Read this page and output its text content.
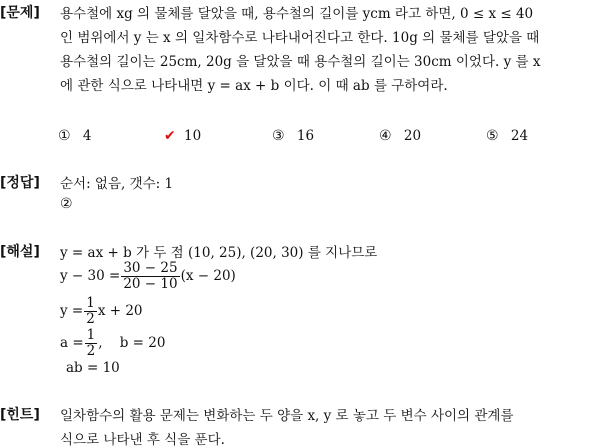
[문제] 용수철에 xg 의 물체를 달았을 때, 용수철의 길이를 ycm 라고 하면, 0 ≤ x ≤ 40
인 범위에서 y 는 x 의 일차함수로 나타내어진다고 한다. 10g 의 물체를 달았을 때
용수철의 길이는 25cm, 20g 을 달았을 때 용수철의 길이는 30cm 이었다. y 를 x
에 관한 식으로 나타내면 y = ax + b 이다. 이 때 ab 를 구하여라.
① 4	✔ 10	③ 16	④ 20	⑤ 24
[정답] 순서: 없음, 갯수: 1
②
[해설] y = ax + b 가 두 점 (10, 25), (20, 30) 를 지나므로
$y - 30 = \frac{30 - 25}{20 - 10} (x - 20)$
$y = \frac{1}{2}$ x + 20
$a = \frac{1}{2}$ ,    b = 20
ab = 10
[힌트] 일차함수의 활용 문제는 변화하는 두 양을 x, y 로 놓고 두 변수 사이의 관계를
식으로 나타낸 후 식을 푼다.
